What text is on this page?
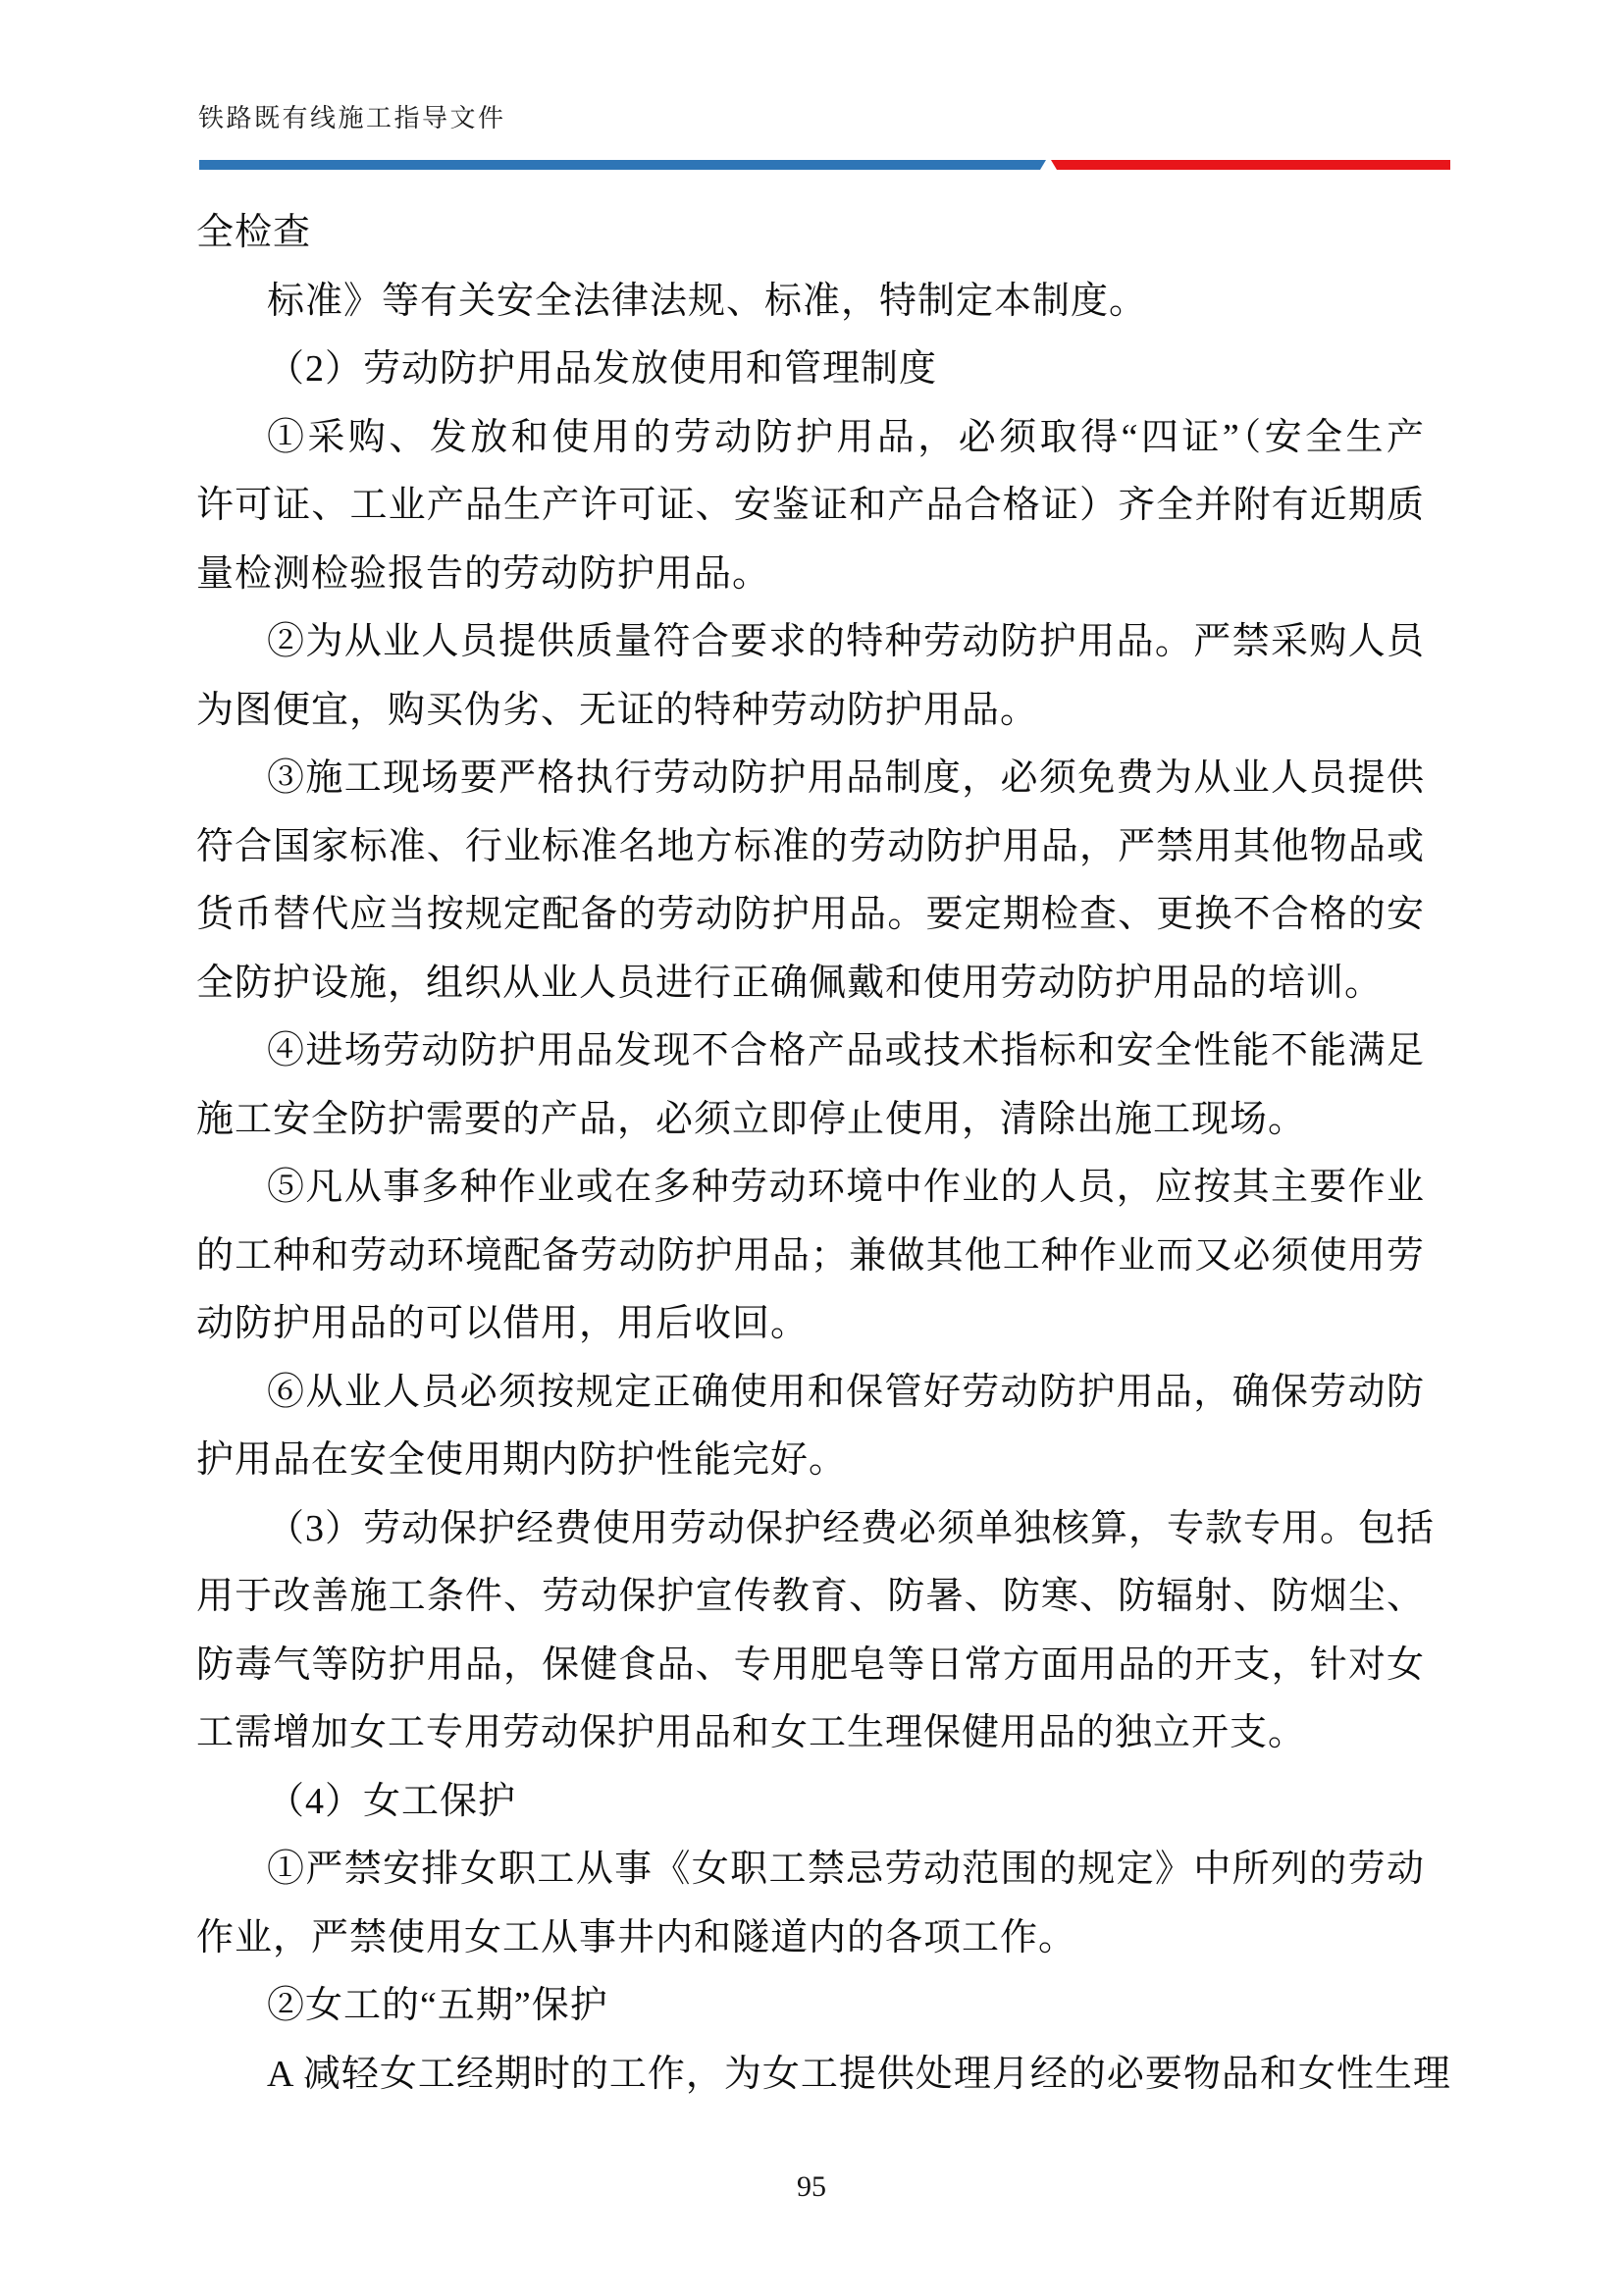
铁路既有线施工指导文件
全检查
标准》等有关安全法律法规、标准，特制定本制度。
（2）劳动防护用品发放使用和管理制度
①采购、发放和使用的劳动防护用品，必须取得“四证”（安全生产
许可证、工业产品生产许可证、安鉴证和产品合格证）齐全并附有近期质
量检测检验报告的劳动防护用品。
②为从业人员提供质量符合要求的特种劳动防护用品。严禁采购人员
为图便宜，购买伪劣、无证的特种劳动防护用品。
③施工现场要严格执行劳动防护用品制度，必须免费为从业人员提供
符合国家标准、行业标准名地方标准的劳动防护用品，严禁用其他物品或
货币替代应当按规定配备的劳动防护用品。要定期检查、更换不合格的安
全防护设施，组织从业人员进行正确佩戴和使用劳动防护用品的培训。
④进场劳动防护用品发现不合格产品或技术指标和安全性能不能满足
施工安全防护需要的产品，必须立即停止使用，清除出施工现场。
⑤凡从事多种作业或在多种劳动环境中作业的人员，应按其主要作业
的工种和劳动环境配备劳动防护用品；兼做其他工种作业而又必须使用劳
动防护用品的可以借用，用后收回。
⑥从业人员必须按规定正确使用和保管好劳动防护用品，确保劳动防
护用品在安全使用期内防护性能完好。
（3）劳动保护经费使用劳动保护经费必须单独核算，专款专用。包括
用于改善施工条件、劳动保护宣传教育、防暑、防寒、防辐射、防烟尘、
防毒气等防护用品，保健食品、专用肥皂等日常方面用品的开支，针对女
工需增加女工专用劳动保护用品和女工生理保健用品的独立开支。
（4）女工保护
①严禁安排女职工从事《女职工禁忌劳动范围的规定》中所列的劳动
作业，严禁使用女工从事井内和隧道内的各项工作。
②女工的“五期”保护
A 减轻女工经期时的工作，为女工提供处理月经的必要物品和女性生理
95
